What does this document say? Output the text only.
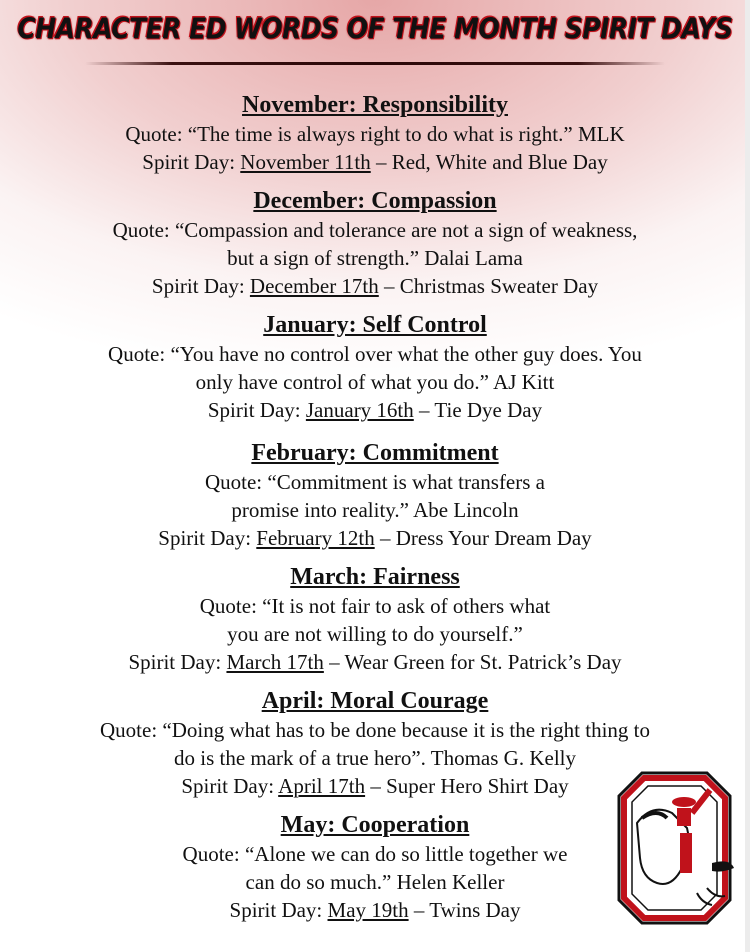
CHARACTER ED WORDS OF THE MONTH SPIRIT DAYS
November: Responsibility

Quote: “The time is always right to do what is right.” MLK

Spirit Day: November 11th – Red, White and Blue Day

December: Compassion

Quote: “Compassion and tolerance are not a sign of weakness,

but a sign of strength.” Dalai Lama

Spirit Day: December 17th – Christmas Sweater Day

January: Self Control

Quote: “You have no control over what the other guy does. You

only have control of what you do.” AJ Kitt

Spirit Day: January 16th – Tie Dye Day

February: Commitment

Quote: “Commitment is what transfers a

promise into reality.” Abe Lincoln

Spirit Day: February 12th – Dress Your Dream Day

March: Fairness

Quote: “It is not fair to ask of others what

you are not willing to do yourself.”

Spirit Day: March 17th – Wear Green for St. Patrick’s Day

April: Moral Courage

Quote: “Doing what has to be done because it is the right thing to

do is the mark of a true hero”. Thomas G. Kelly

Spirit Day: April 17th – Super Hero Shirt Day

May: Cooperation

Quote: “Alone we can do so little together we

can do so much.” Helen Keller

Spirit Day: May 19th – Twins Day
